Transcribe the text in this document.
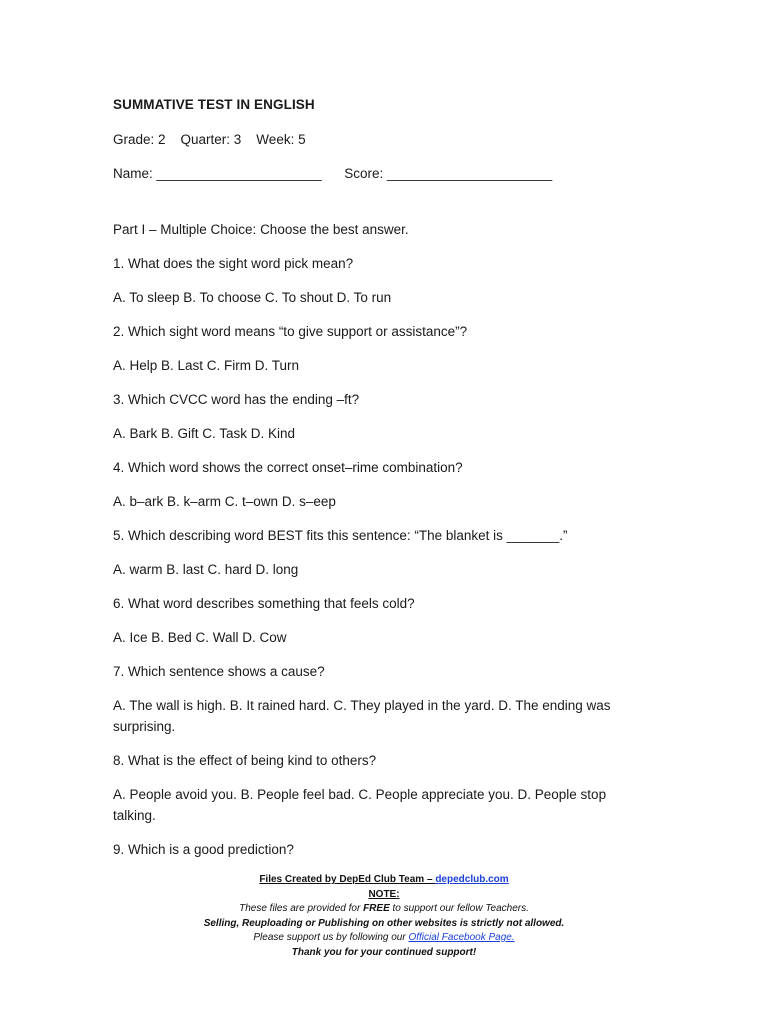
SUMMATIVE TEST IN ENGLISH
Grade: 2    Quarter: 3    Week: 5
Name: ______________________      Score: ______________________
Part I – Multiple Choice: Choose the best answer.
1. What does the sight word pick mean?
A. To sleep B. To choose C. To shout D. To run
2. Which sight word means “to give support or assistance”?
A. Help B. Last C. Firm D. Turn
3. Which CVCC word has the ending –ft?
A. Bark B. Gift C. Task D. Kind
4. Which word shows the correct onset–rime combination?
A. b–ark B. k–arm C. t–own D. s–eep
5. Which describing word BEST fits this sentence: “The blanket is _______.”
A. warm B. last C. hard D. long
6. What word describes something that feels cold?
A. Ice B. Bed C. Wall D. Cow
7. Which sentence shows a cause?
A. The wall is high. B. It rained hard. C. They played in the yard. D. The ending was surprising.
8. What is the effect of being kind to others?
A. People avoid you. B. People feel bad. C. People appreciate you. D. People stop talking.
9. Which is a good prediction?
Files Created by DepEd Club Team – depedclub.com
NOTE:
These files are provided for FREE to support our fellow Teachers.
Selling, Reuploading or Publishing on other websites is strictly not allowed.
Please support us by following our Official Facebook Page.
Thank you for your continued support!
